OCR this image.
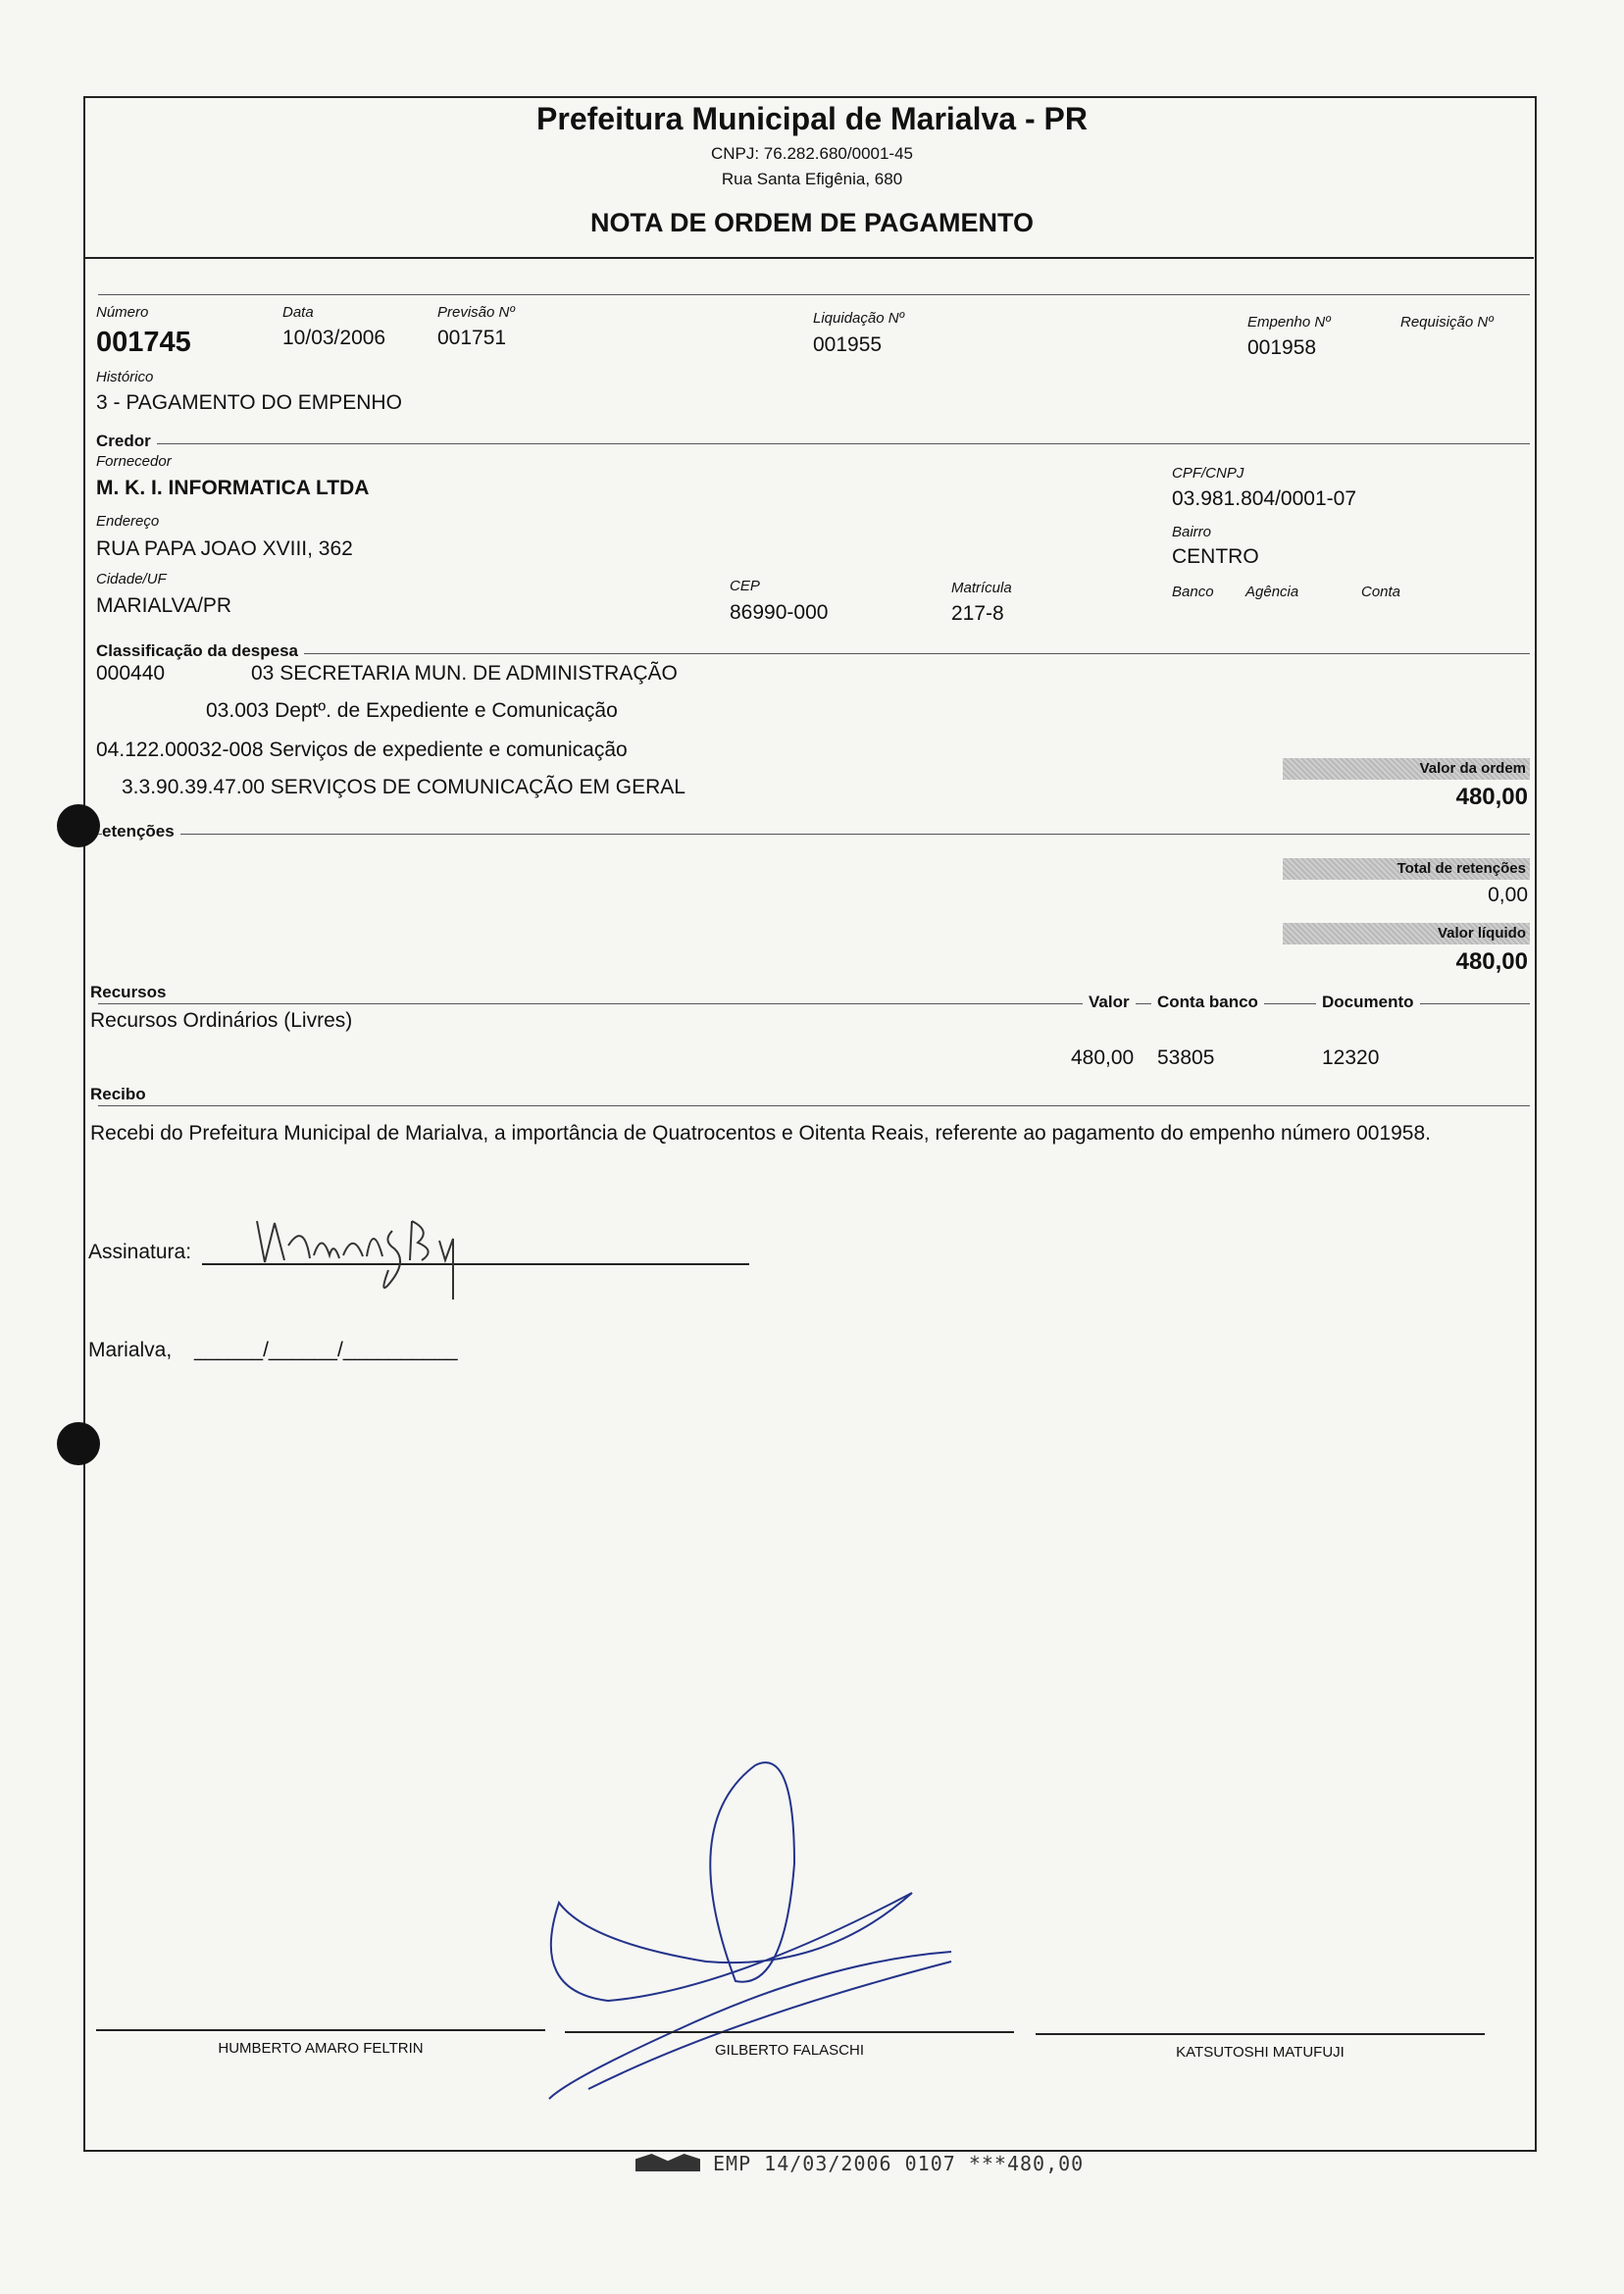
Prefeitura Municipal de Marialva - PR
CNPJ: 76.282.680/0001-45
Rua Santa Efigênia, 680
NOTA DE ORDEM DE PAGAMENTO
Número
001745
Data
10/03/2006
Previsão Nº
001751
Liquidação Nº
001955
Empenho Nº
001958
Requisição Nº
Histórico
3 - PAGAMENTO DO EMPENHO
Credor
Fornecedor
M. K. I. INFORMATICA LTDA
CPF/CNPJ
03.981.804/0001-07
Endereço
RUA PAPA JOAO XVIII, 362
Bairro
CENTRO
Cidade/UF
MARIALVA/PR
CEP
86990-000
Matrícula
217-8
Banco Agência	Conta
Classificação da despesa
000440	03 SECRETARIA MUN. DE ADMINISTRAÇÃO
03.003 Deptº. de Expediente e Comunicação
04.122.00032-008 Serviços de expediente e comunicação
3.3.90.39.47.00 SERVIÇOS DE COMUNICAÇÃO EM GERAL
Valor da ordem
480,00
etenções
Total de retenções
0,00
Valor líquido
480,00
Recursos
Valor	Conta banco	Documento
Recursos Ordinários (Livres)
480,00 53805	12320
Recibo
Recebi do Prefeitura Municipal de Marialva, a importância de Quatrocentos e Oitenta Reais, referente ao pagamento do empenho número 001958.
Assinatura:
Marialva, ______/______/__________
HUMBERTO AMARO FELTRIN	GILBERTO FALASCHI	KATSUTOSHI MATUFUJI
EMP 14/03/2006 0107 ***480,00
